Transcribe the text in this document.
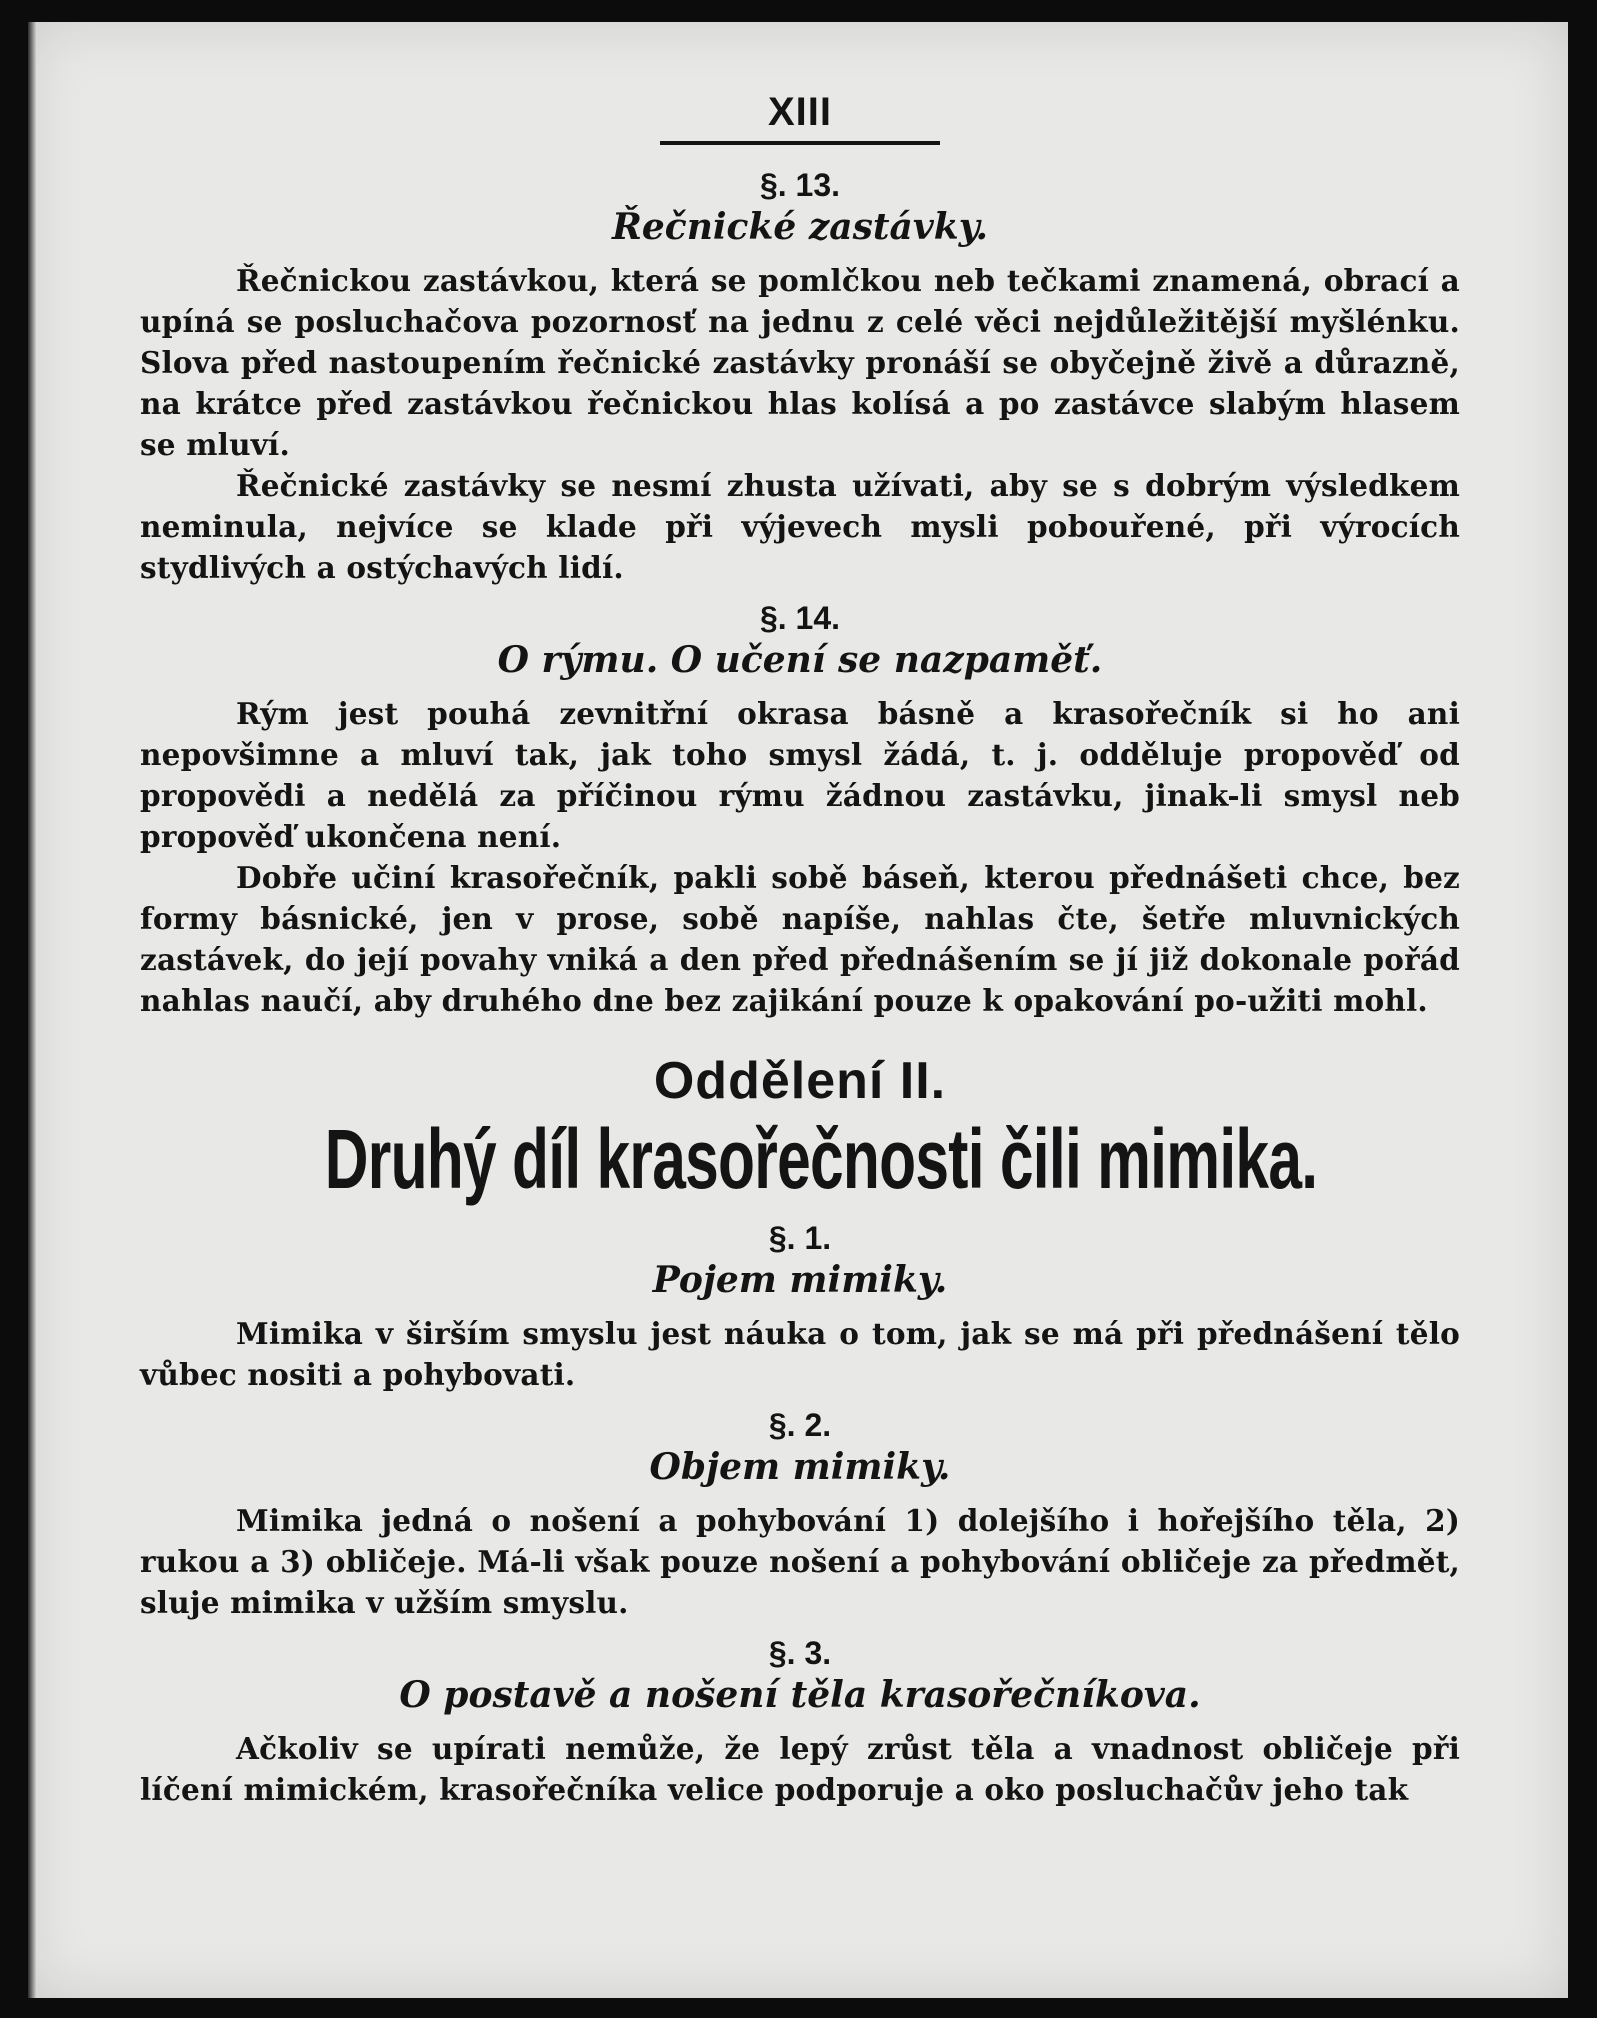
XIII
§. 13.
Řečnické zastávky.

Řečnickou zastávkou, která se pomlčkou neb tečkami znamená, obrací a upíná se posluchačova pozornosť na jednu z celé věci nejdůležitější myšlénku. Slova před nastoupením řečnické zastávky pronáší se obyčejně živě a důrazně, na krátce před zastávkou řečnickou hlas kolísá a po zastávce slabým hlasem se mluví.

Řečnické zastávky se nesmí zhusta užívati, aby se s dobrým výsledkem neminula, nejvíce se klade při výjevech mysli pobouřené, při výrocích stydlivých a ostýchavých lidí.

§. 14.
O rýmu. O učení se nazpaměť.

Rým jest pouhá zevnitřní okrasa básně a krasořečník si ho ani nepovšimne a mluví tak, jak toho smysl žádá, t. j. odděluje propověď od propovědi a nedělá za příčinou rýmu žádnou zastávku, jinak-li smysl neb propověď ukončena není.

Dobře učiní krasořečník, pakli sobě báseň, kterou přednášeti chce, bez formy básnické, jen v prose, sobě napíše, nahlas čte, šetře mluvnických zastávek, do její povahy vniká a den před přednášením se jí již dokonale pořád nahlas naučí, aby druhého dne bez zajikání pouze k opakování po-užiti mohl.

Oddělení II.
Druhý díl krasořečnosti čili mimika.
§. 1.
Pojem mimiky.

Mimika v širším smyslu jest náuka o tom, jak se má při přednášení tělo vůbec nositi a pohybovati.

§. 2.
Objem mimiky.

Mimika jedná o nošení a pohybování 1) dolejšího i hořejšího těla, 2) rukou a 3) obličeje. Má-li však pouze nošení a pohybování obličeje za předmět, sluje mimika v užším smyslu.

§. 3.
O postavě a nošení těla krasořečníkova.

Ačkoliv se upírati nemůže, že lepý zrůst těla a vnadnost obličeje při líčení mimickém, krasořečníka velice podporuje a oko posluchačův jeho tak
